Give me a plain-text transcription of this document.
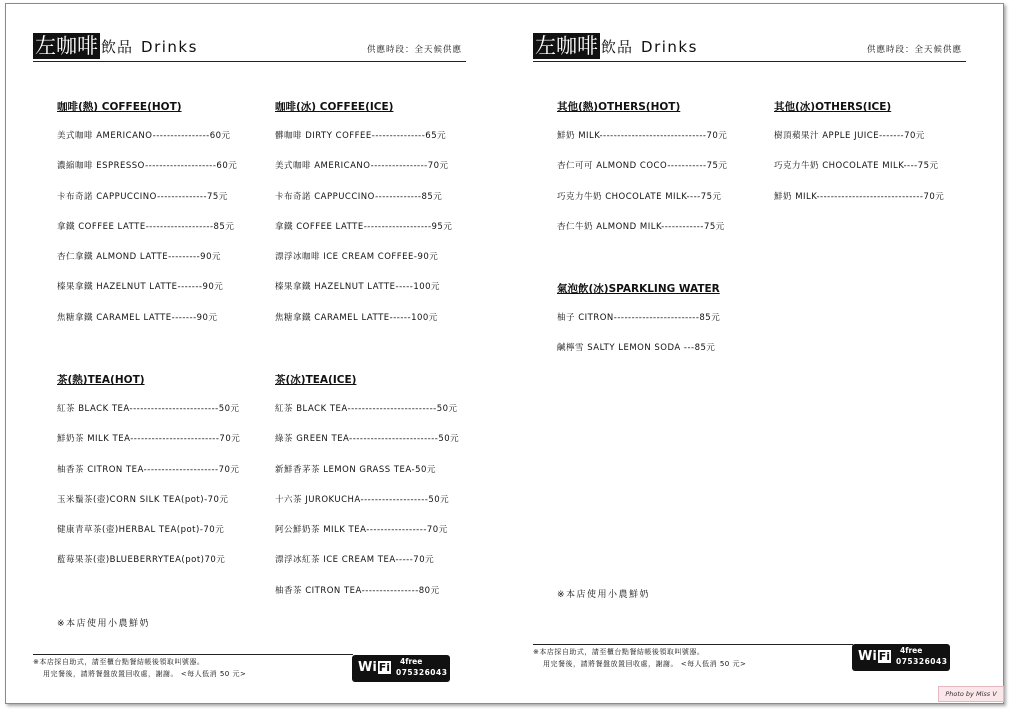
左咖啡 飲品 Drinks	供應時段：全天候供應
咖啡(熱) COFFEE(HOT)
美式咖啡 AMERICANO----------------60元
濃縮咖啡 ESPRESSO--------------------60元
卡布奇諾 CAPPUCCINO--------------75元
拿鐵 COFFEE LATTE-------------------85元
杏仁拿鐵 ALMOND LATTE---------90元
榛果拿鐵 HAZELNUT LATTE-------90元
焦糖拿鐵 CARAMEL LATTE-------90元
咖啡(冰) COFFEE(ICE)
髒咖啡 DIRTY COFFEE---------------65元
美式咖啡 AMERICANO----------------70元
卡布奇諾 CAPPUCCINO-------------85元
拿鐵 COFFEE LATTE-------------------95元
漂浮冰咖啡 ICE CREAM COFFEE-90元
榛果拿鐵 HAZELNUT LATTE-----100元
焦糖拿鐵 CARAMEL LATTE------100元
茶(熱)TEA(HOT)
紅茶 BLACK TEA-------------------------50元
鮮奶茶 MILK TEA-------------------------70元
柚香茶 CITRON TEA---------------------70元
玉米鬚茶(壺)CORN SILK TEA(pot)-70元
健康青草茶(壺)HERBAL TEA(pot)-70元
藍莓果茶(壺)BLUEBERRYTEA(pot)70元
茶(冰)TEA(ICE)
紅茶 BLACK TEA-------------------------50元
綠茶 GREEN TEA-------------------------50元
新鮮香茅茶 LEMON GRASS TEA-50元
十六茶 JUROKUCHA-------------------50元
阿公鮮奶茶 MILK TEA-----------------70元
漂浮冰紅茶 ICE CREAM TEA-----70元
柚香茶 CITRON TEA----------------80元
※本店使用小農鮮奶
※本店採自助式，請至櫃台點餐結帳後領取叫號器。
用完餐後，請將餐盤放置回收處，謝謝。 <每人低消 50 元>	Wi Fi 4free
075326043
左咖啡 飲品 Drinks	供應時段：全天候供應
其他(熱)OTHERS(HOT)
鮮奶 MILK------------------------------70元
杏仁可可 ALMOND COCO-----------75元
巧克力牛奶 CHOCOLATE MILK----75元
杏仁牛奶 ALMOND MILK------------75元
其他(冰)OTHERS(ICE)
樹頂蘋果汁 APPLE JUICE-------70元
巧克力牛奶 CHOCOLATE MILK----75元
鮮奶 MILK------------------------------70元
氣泡飲(冰)SPARKLING WATER
柚子 CITRON------------------------85元
鹹檸雪 SALTY LEMON SODA ---85元
※本店使用小農鮮奶
※本店採自助式，請至櫃台點餐結帳後領取叫號器。
用完餐後，請將餐盤放置回收處，謝謝。 <每人低消 50 元>	Wi Fi 4free
075326043
Photo by Miss V
